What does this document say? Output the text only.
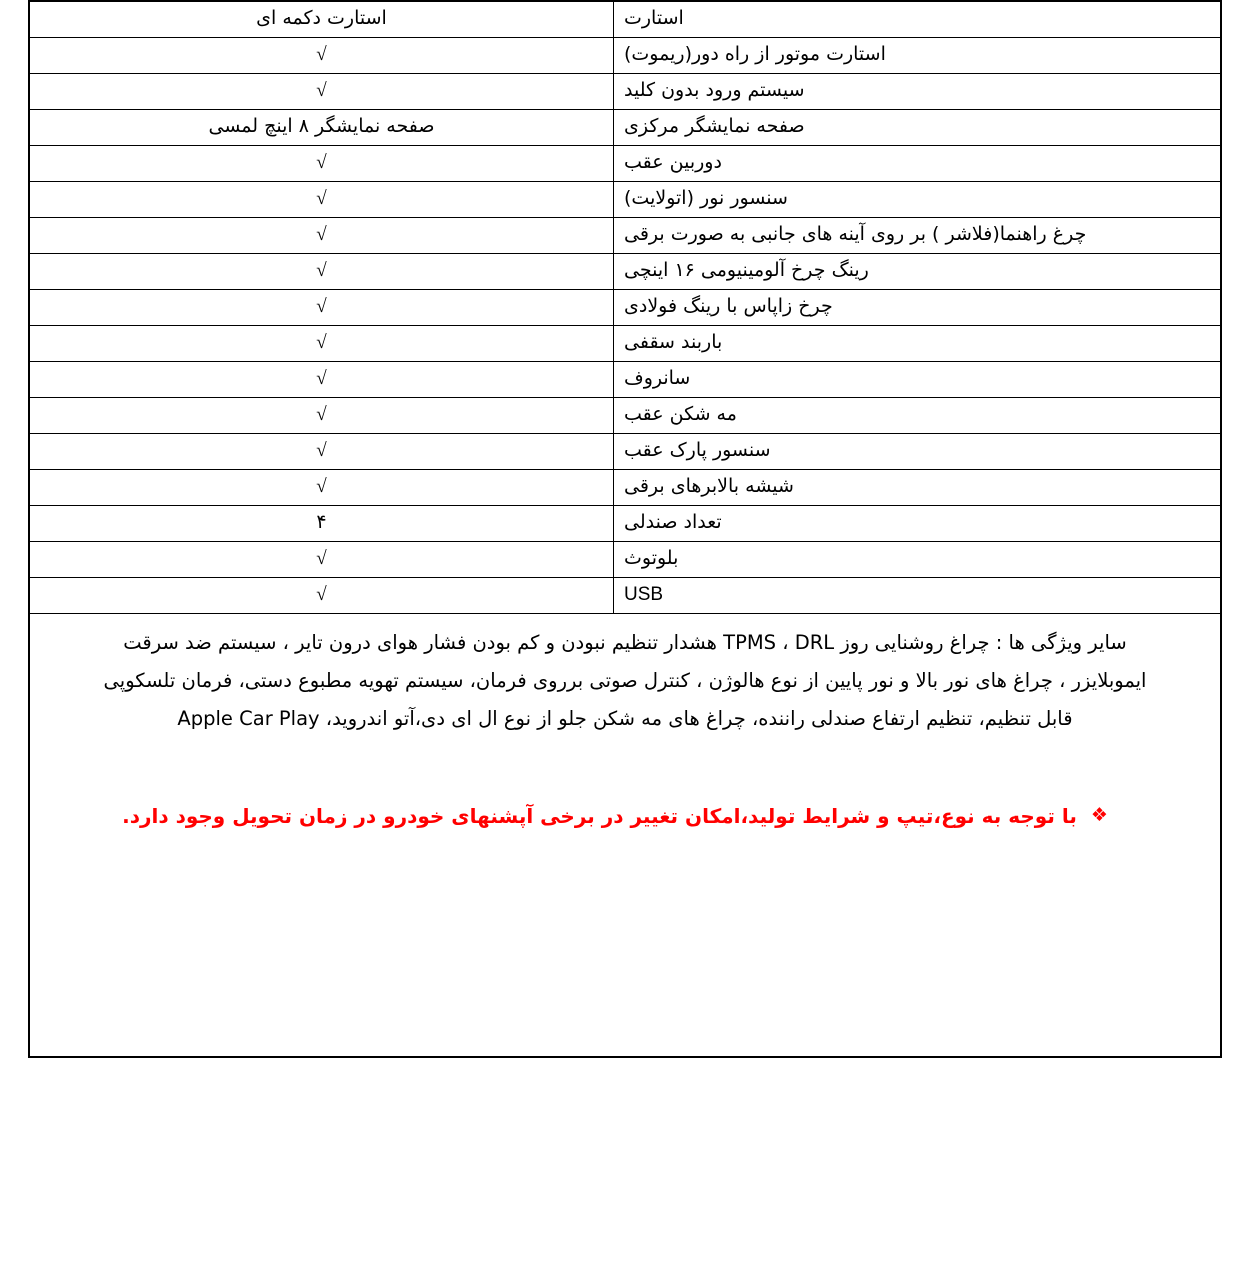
استارت	استارت دکمه ای
استارت موتور از راه دور(ریموت)	√
سیستم ورود بدون کلید	√
صفحه نمایشگر مرکزی	صفحه نمایشگر ۸ اینچ لمسی
دوربین عقب	√
سنسور نور (اتولایت)	√
چرغ راهنما(فلاشر ) بر روی آینه های جانبی به صورت برقی	√
رینگ چرخ آلومینیومی ۱۶ اینچی	√
چرخ زاپاس با رینگ فولادی	√
باربند سقفی	√
سانروف	√
مه شکن عقب	√
سنسور پارک عقب	√
شیشه بالابرهای برقی	√
تعداد صندلی	۴
بلوتوث	√
USB	√
سایر ویژگی ها : چراغ روشنایی روز TPMS ، DRL هشدار تنظیم نبودن و کم بودن فشار هوای درون تایر ، سیستم ضد سرقت
ایموبلایزر ، چراغ های نور بالا و نور پایین از نوع هالوژن ، کنترل صوتی برروی فرمان، سیستم تهویه مطبوع دستی، فرمان تلسکوپی
قابل تنظیم، تنظیم ارتفاع صندلی راننده، چراغ های مه شکن جلو از نوع ال ای دی،آتو اندروید، Apple Car Play
❖
با توجه به نوع،تیپ و شرایط تولید،امکان تغییر در برخی آپشنهای خودرو در زمان تحویل وجود دارد.
